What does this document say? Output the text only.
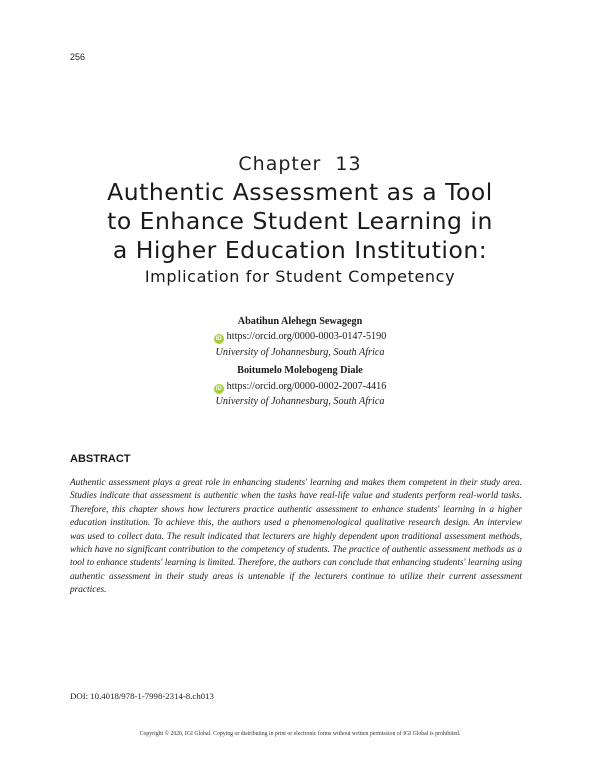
256
Chapter  13
Authentic Assessment as a Tool
to Enhance Student Learning in
a Higher Education Institution:
Implication for Student Competency
Abatihun Alehegn Sewagegn
iD https://orcid.org/0000-0003-0147-5190
University of Johannesburg, South Africa
Boitumelo Molebogeng Diale
iD https://orcid.org/0000-0002-2007-4416
University of Johannesburg, South Africa
ABSTRACT
Authentic assessment plays a great role in enhancing students' learning and makes them competent in their study area. Studies indicate that assessment is authentic when the tasks have real-life value and students perform real-world tasks. Therefore, this chapter shows how lecturers practice authentic assessment to enhance students' learning in a higher education institution. To achieve this, the authors used a phenomenological qualitative research design. An interview was used to collect data. The result indicated that lecturers are highly dependent upon traditional assessment methods, which have no significant contribution to the competency of students. The practice of authentic assessment methods as a tool to enhance students' learning is limited. Therefore, the authors can conclude that enhancing students' learning using authentic assessment in their study areas is untenable if the lecturers continue to utilize their current assessment practices.
DOI: 10.4018/978-1-7998-2314-8.ch013
Copyright © 2020, IGI Global. Copying or distributing in print or electronic forms without written permission of IGI Global is prohibited.
